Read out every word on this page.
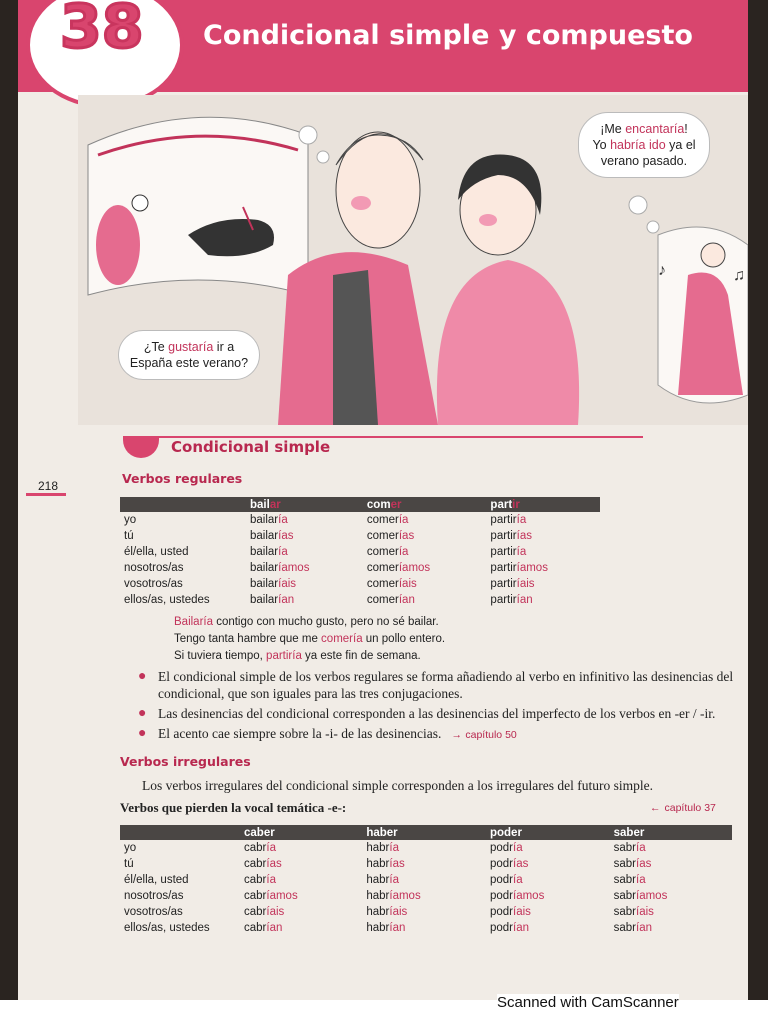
38 Condicional simple y compuesto
♪	♫
¡Me encantaría!
Yo habría ido ya el
verano pasado.
¿Te gustaría ir a
España este verano?
Condicional simple
218	Verbos regulares
	bailar	comer	partir
yo	bailaría	comería	partiría
tú	bailarías	comerías	partirías
él/ella, usted	bailaría	comería	partiría
nosotros/as	bailaríamos	comeríamos	partiríamos
vosotros/as	bailaríais	comeríais	partiríais
ellos/as, ustedes	bailarían	comerían	partirían
Bailaría contigo con mucho gusto, pero no sé bailar.
Tengo tanta hambre que me comería un pollo entero.
Si tuviera tiempo, partiría ya este fin de semana.
● El condicional simple de los verbos regulares se forma añadiendo al verbo en infinitivo las desinencias del condicional, que son iguales para las tres conjugaciones.
● Las desinencias del condicional corresponden a las desinencias del imperfecto de los verbos en -er / -ir.
● El acento cae siempre sobre la -i- de las desinencias. → capítulo 50
Verbos irregulares
Los verbos irregulares del condicional simple corresponden a los irregulares del futuro simple.
Verbos que pierden la vocal temática -e-:	← capítulo 37
	caber	haber	poder	saber
yo	cabría	habría	podría	sabría
tú	cabrías	habrías	podrías	sabrías
él/ella, usted	cabría	habría	podría	sabría
nosotros/as	cabríamos	habríamos	podríamos	sabríamos
vosotros/as	cabríais	habríais	podríais	sabríais
ellos/as, ustedes	cabrían	habrían	podrían	sabrían
Scanned with CamScanner
